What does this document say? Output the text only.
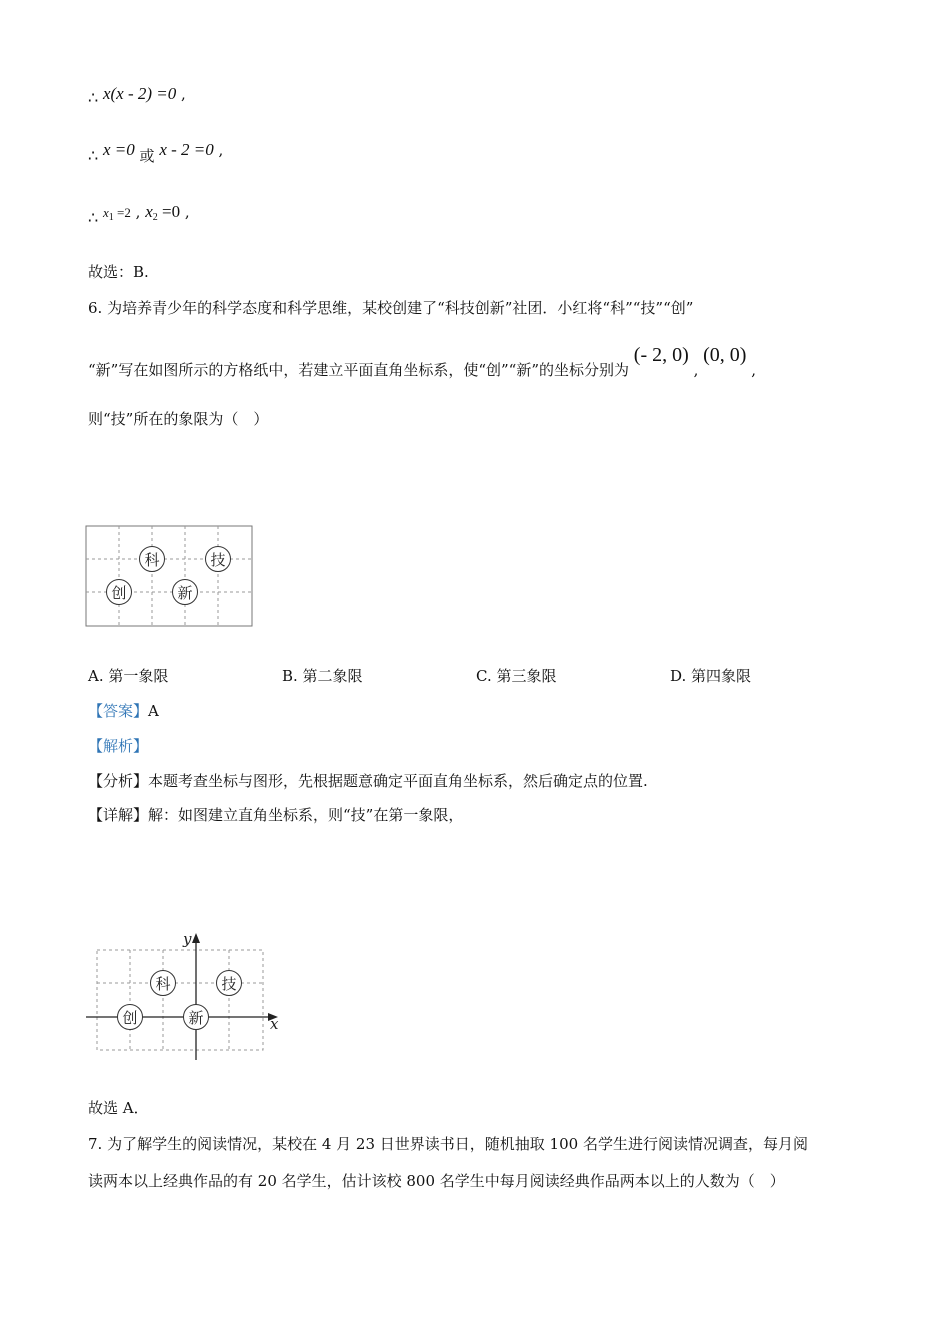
∴ x(x - 2) =0 ,
∴ x =0 或 x - 2 =0 ,
∴ $x_1 =2$ , $x_2 =0$ ,
故选：B.
6. 为培养青少年的科学态度和科学思维，某校创建了“科技创新”社团．小红将“科”“技”“创”
“新”写在如图所示的方格纸中，若建立平面直角坐标系，使“创”“新”的坐标分别为 (- 2, 0) , (0, 0) ,
则“技”所在的象限为（　）
科	技
创	新
A. 第一象限	B. 第二象限	C. 第三象限	D. 第四象限
【答案】A
【解析】
【分析】本题考查坐标与图形，先根据题意确定平面直角坐标系，然后确定点的位置.
【详解】解：如图建立直角坐标系，则“技”在第一象限，
x
y
科	技
创	新
故选 A．
7. 为了解学生的阅读情况，某校在 4 月 23 日世界读书日，随机抽取 100 名学生进行阅读情况调查，每月阅
读两本以上经典作品的有 20 名学生，估计该校 800 名学生中每月阅读经典作品两本以上的人数为（　）
